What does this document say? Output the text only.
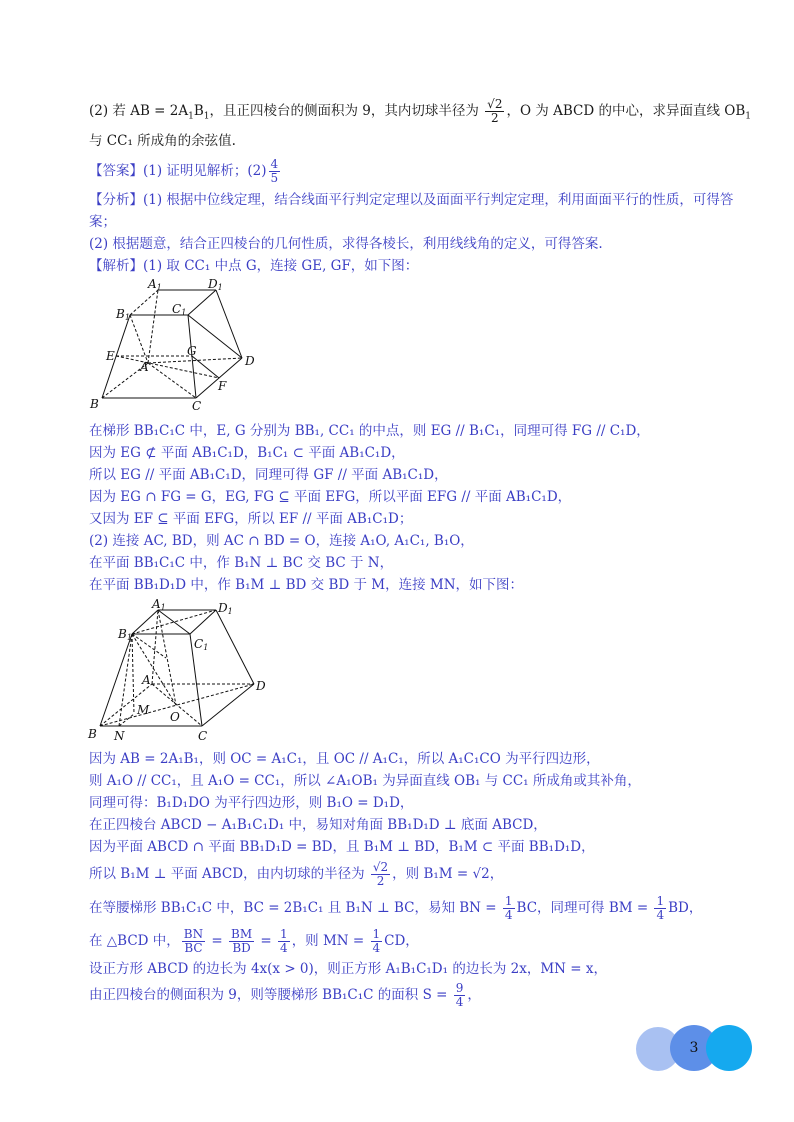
(2) 若 AB = $2A_1B_1$，且正四棱台的侧面积为 9，其内切球半径为 $\frac{√2}{2}$ ，O 为 ABCD 的中心，求异面直线 $OB_1$
与 CC₁ 所成角的余弦值.
【答案】(1) 证明见解析；$(2) \frac{4}{5}$
【分析】(1) 根据中位线定理，结合线面平行判定定理以及面面平行判定定理，利用面面平行的性质，可得答
案；
(2) 根据题意，结合正四棱台的几何性质，求得各棱长，利用线线角的定义，可得答案.
【解析】(1) 取 CC₁ 中点 G，连接 GE, GF，如下图：
A1	D1
B1
C1
E
A
G
D
F
B	C
在梯形 BB₁C₁C 中，E, G 分别为 BB₁, CC₁ 的中点，则 EG // B₁C₁，同理可得 FG // C₁D，
因为 EG ⊄ 平面 AB₁C₁D，B₁C₁ ⊂ 平面 AB₁C₁D，
所以 EG // 平面 AB₁C₁D，同理可得 GF // 平面 AB₁C₁D，
因为 EG ∩ FG = G，EG, FG ⊆ 平面 EFG，所以平面 EFG // 平面 AB₁C₁D，
又因为 EF ⊆ 平面 EFG，所以 EF // 平面 AB₁C₁D；
(2) 连接 AC, BD，则 AC ∩ BD = O，连接 A₁O, A₁C₁, B₁O，
在平面 BB₁C₁C 中，作 B₁N ⊥ BC 交 BC 于 N，
在平面 BB₁D₁D 中，作 B₁M ⊥ BD 交 BD 于 M，连接 MN，如下图：
A1	D1
B1	C1
A	D
M O
B N	C
因为 AB = 2A₁B₁，则 OC = A₁C₁，且 OC // A₁C₁，所以 A₁C₁CO 为平行四边形，
则 A₁O // CC₁，且 A₁O = CC₁，所以 ∠A₁OB₁ 为异面直线 OB₁ 与 CC₁ 所成角或其补角，
同理可得：B₁D₁DO 为平行四边形，则 B₁O = D₁D，
在正四棱台 ABCD − A₁B₁C₁D₁ 中，易知对角面 BB₁D₁D ⊥ 底面 ABCD，
因为平面 ABCD ∩ 平面 BB₁D₁D = BD，且 B₁M ⊥ BD，B₁M ⊂ 平面 BB₁D₁D，
所以 B₁M ⊥ 平面 ABCD，由内切球的半径为 $\frac{√2}{2}$ ，则 B₁M = √2，
在等腰梯形 BB₁C₁C 中，BC = 2B₁C₁ 且 B₁N ⊥ BC，易知 BN = $\frac{1}{4}$ BC，同理可得 BM = $\frac{1}{4}$ BD，
在 △BCD 中， $\frac{BN}{BC} = \frac{BM}{BD} = \frac{1}{4}$ ，则 MN = $\frac{1}{4}$ CD，
设正方形 ABCD 的边长为 4x(x > 0)，则正方形 A₁B₁C₁D₁ 的边长为 2x，MN = x，
由正四棱台的侧面积为 9，则等腰梯形 BB₁C₁C 的面积 $S = \frac{9}{4}$ ，
3
